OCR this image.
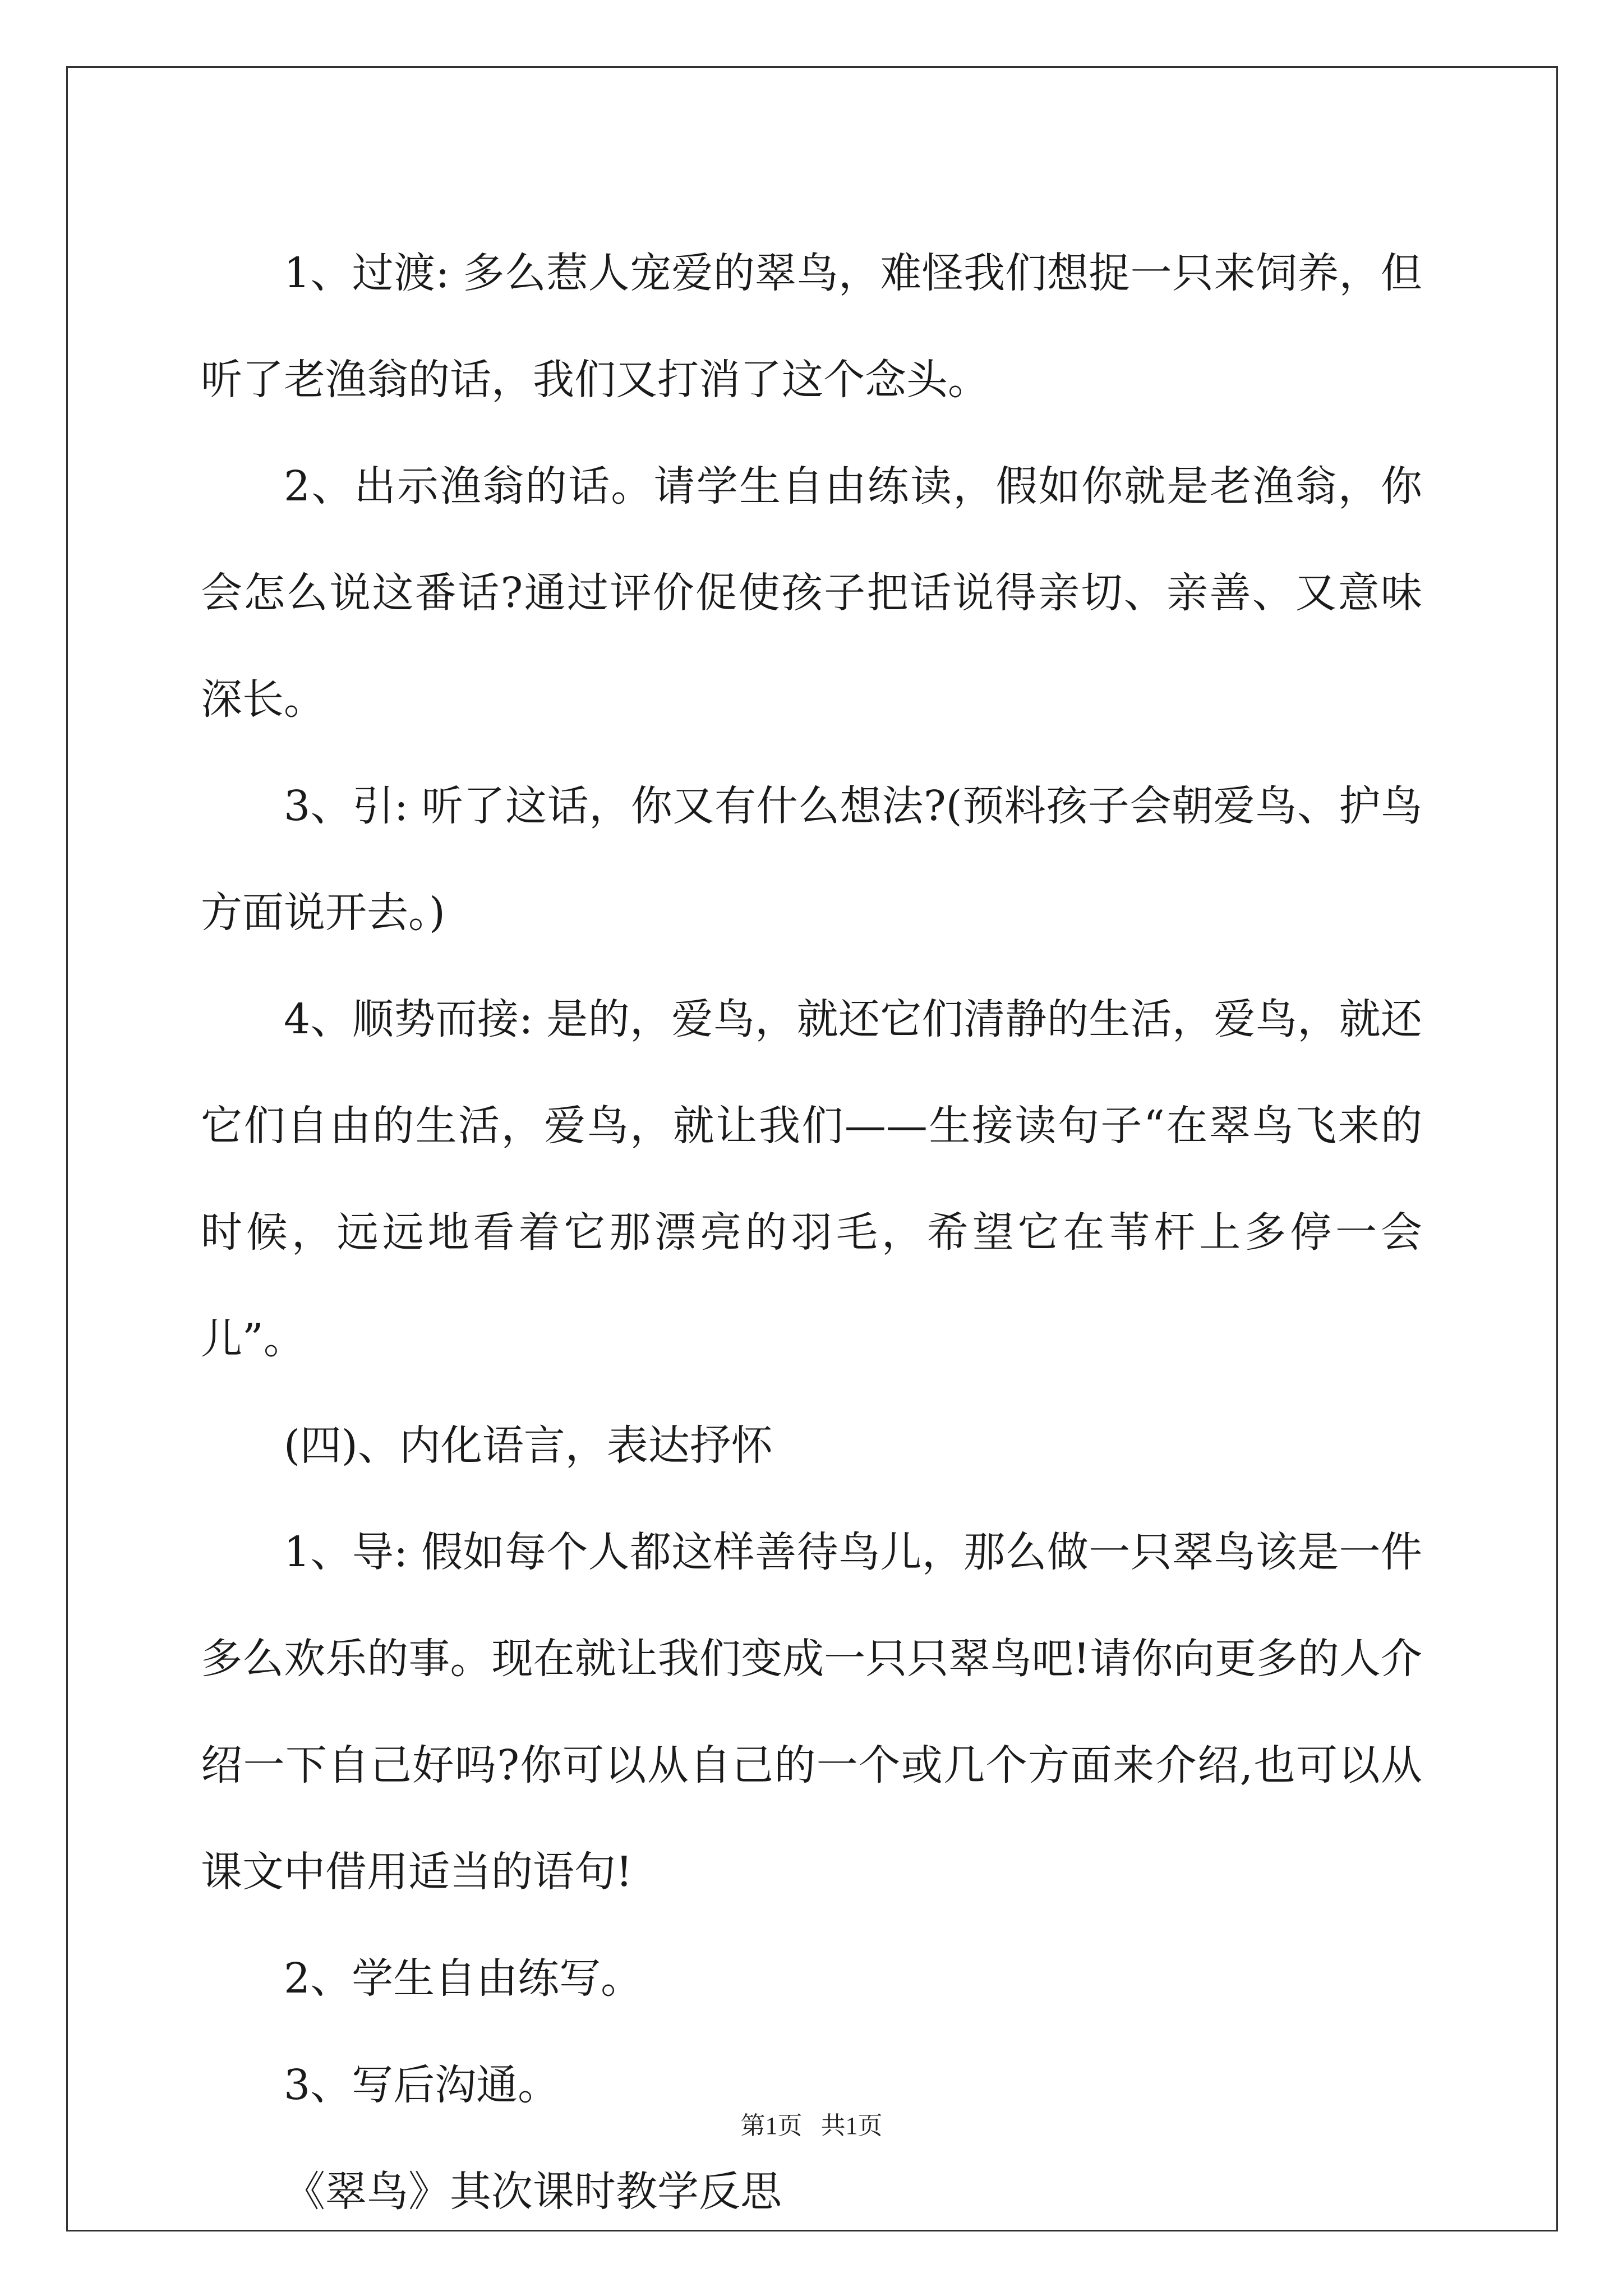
1、过渡: 多么惹人宠爱的翠鸟，难怪我们想捉一只来饲养，但听了老渔翁的话，我们又打消了这个念头。

2、出示渔翁的话。请学生自由练读，假如你就是老渔翁，你会怎么说这番话?通过评价促使孩子把话说得亲切、亲善、又意味深长。

3、引: 听了这话，你又有什么想法?(预料孩子会朝爱鸟、护鸟方面说开去。)

4、顺势而接: 是的，爱鸟，就还它们清静的生活，爱鸟，就还它们自由的生活，爱鸟，就让我们——生接读句子“在翠鸟飞来的时候，远远地看着它那漂亮的羽毛，希望它在苇杆上多停一会儿”。

(四)、内化语言，表达抒怀

1、导: 假如每个人都这样善待鸟儿，那么做一只翠鸟该是一件多么欢乐的事。现在就让我们变成一只只翠鸟吧!请你向更多的人介绍一下自己好吗?你可以从自己的一个或几个方面来介绍,也可以从课文中借用适当的语句!

2、学生自由练写。

3、写后沟通。

《翠鸟》其次课时教学反思

第1页   共1页
